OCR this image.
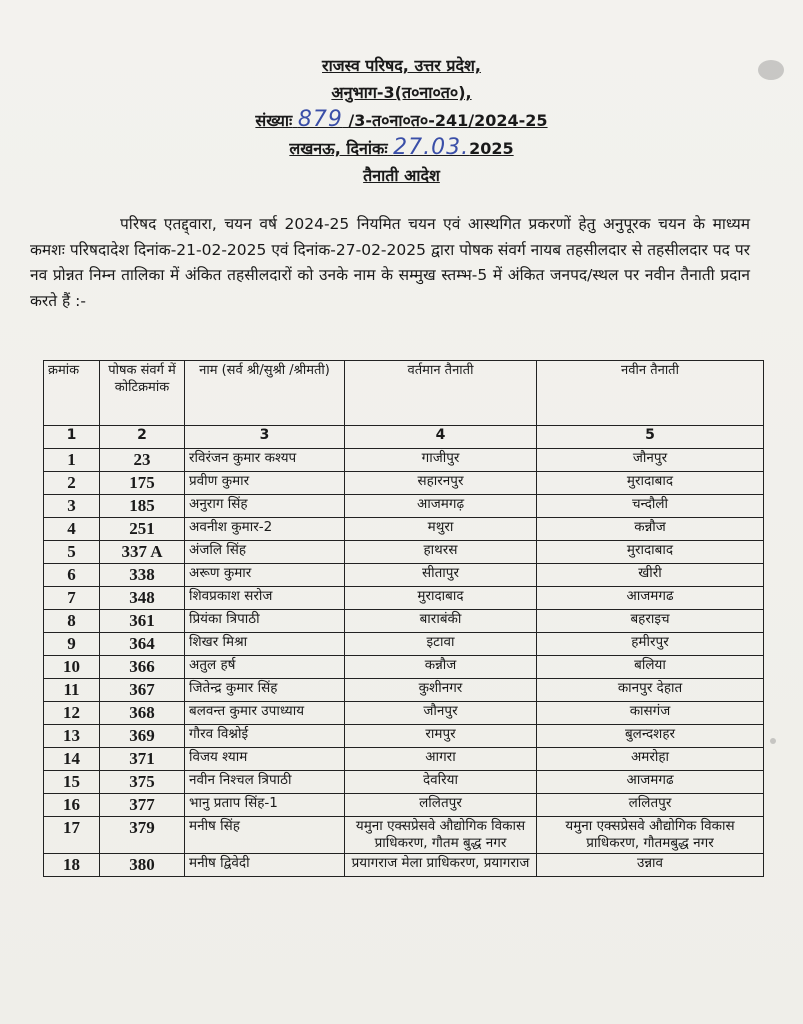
राजस्व परिषद, उत्तर प्रदेश,
अनुभाग-3(त०ना०त०),
संख्याः 879 /3-त०ना०त०-241/2024-25
लखनऊ, दिनांकः 27.03.2025
तैनाती आदेश
परिषद एतद्द्वारा, चयन वर्ष 2024-25 नियमित चयन एवं आस्थगित प्रकरणों हेतु अनुपूरक चयन के माध्यम कमशः परिषदादेश दिनांक-21-02-2025 एवं दिनांक-27-02-2025 द्वारा पोषक संवर्ग नायब तहसीलदार से तहसीलदार पद पर नव प्रोन्नत निम्न तालिका में अंकित तहसीलदारों को उनके नाम के सम्मुख स्तम्भ-5 में अंकित जनपद/स्थल पर नवीन तैनाती प्रदान करते हैं :-
क्रमांक	पोषक संवर्ग में कोटिक्रमांक	नाम (सर्व श्री/सुश्री /श्रीमती)	वर्तमान तैनाती	नवीन तैनाती
1	2	3	4	5
1	23	रविरंजन कुमार कश्यप	गाजीपुर	जौनपुर
2	175	प्रवीण कुमार	सहारनपुर	मुरादाबाद
3	185	अनुराग सिंह	आजमगढ़	चन्दौली
4	251	अवनीश कुमार-2	मथुरा	कन्नौज
5	337 A	अंजलि सिंह	हाथरस	मुरादाबाद
6	338	अरूण कुमार	सीतापुर	खीरी
7	348	शिवप्रकाश सरोज	मुरादाबाद	आजमगढ
8	361	प्रियंका त्रिपाठी	बाराबंकी	बहराइच
9	364	शिखर मिश्रा	इटावा	हमीरपुर
10	366	अतुल हर्ष	कन्नौज	बलिया
11	367	जितेन्द्र कुमार सिंह	कुशीनगर	कानपुर देहात
12	368	बलवन्त कुमार उपाध्याय	जौनपुर	कासगंज
13	369	गौरव विश्नोई	रामपुर	बुलन्दशहर
14	371	विजय श्याम	आगरा	अमरोहा
15	375	नवीन निश्चल त्रिपाठी	देवरिया	आजमगढ
16	377	भानु प्रताप सिंह-1	ललितपुर	ललितपुर
17	379	मनीष सिंह	यमुना एक्सप्रेसवे औद्योगिक विकास प्राधिकरण, गौतम बुद्ध नगर	यमुना एक्सप्रेसवे औद्योगिक विकास प्राधिकरण, गौतमबुद्ध नगर
18	380	मनीष द्विवेदी	प्रयागराज मेला प्राधिकरण, प्रयागराज	उन्नाव
